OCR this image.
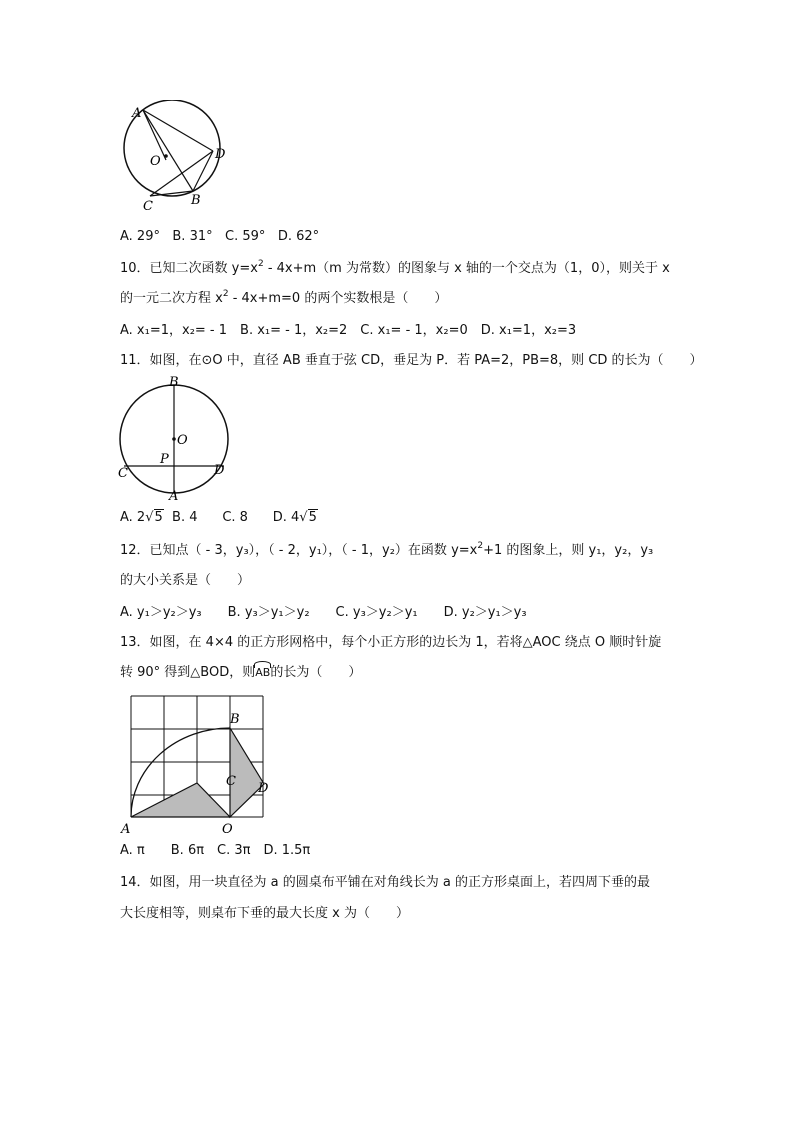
A
O	D
C	B
A. 29° B. 31° C. 59° D. 62°
10．已知二次函数 $y=x^2 - 4x+m(m$ 为常数）的图象与 x 轴的一个交点为（1，0），则关于 x
的一元二次方程 $x^2 - 4x+m=0$ 的两个实数根是（　　）
A. x₁=1，x₂= - 1　B. x₁= - 1，x₂=2　C. x₁= - 1，x₂=0　D. x₁=1，x₂=3
11．如图，在⊙O 中，直径 AB 垂直于弦 CD，垂足为 P．若 PA=2，PB=8，则 CD 的长为（　　）
B
O
P
C	D
A
A. 2√5 B. 4 C. 8 D. 4√5
12．已知点（ - 3，y₃），（ - 2，y₁），（ - 1，y₂）在函数 $y=x^2+1$ 的图象上，则 y₁，y₂，y₃
的大小关系是（　　）
A. y₁＞y₂＞y₃　　B. y₃＞y₁＞y₂　　C. y₃＞y₂＞y₁　　D. y₂＞y₁＞y₃
13．如图，在 4×4 的正方形网格中，每个小正方形的边长为 1，若将△AOC 绕点 O 顺时针旋
转 90° 得到△BOD，则AB的长为（　　）
B
C D
A	O
A. π　　B. 6π　C. 3π　D. 1.5π
14．如图，用一块直径为 a 的圆桌布平铺在对角线长为 a 的正方形桌面上，若四周下垂的最
大长度相等，则桌布下垂的最大长度 x 为（　　）
